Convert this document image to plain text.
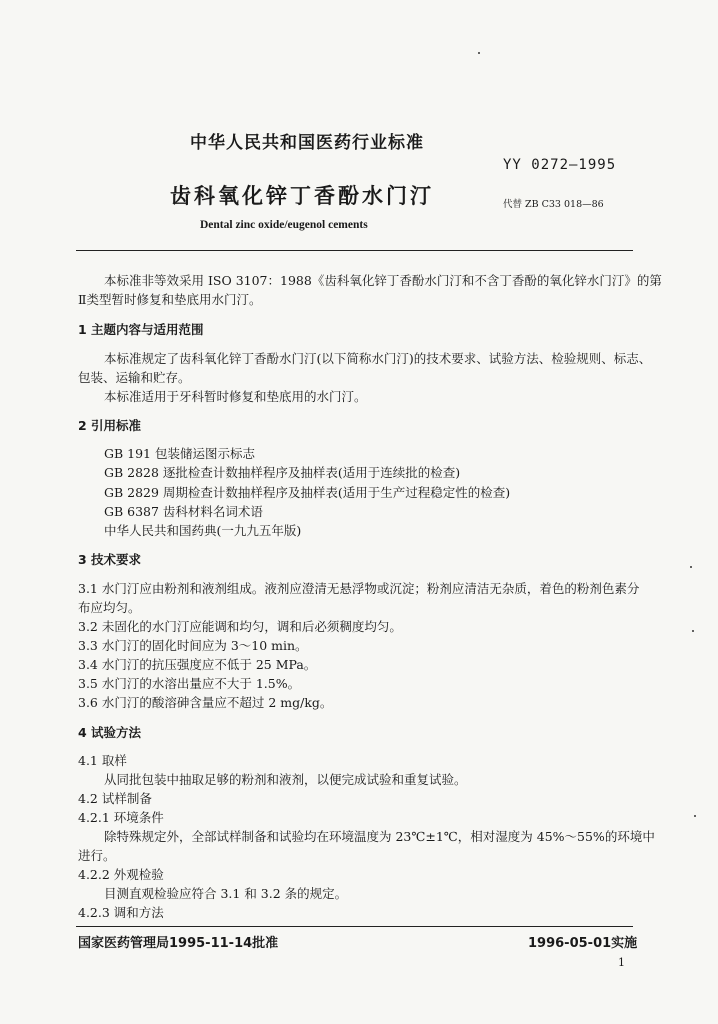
中华人民共和国医药行业标准
YY 0272—1995
齿科氧化锌丁香酚水门汀	代替 ZB C33 018—86
Dental zinc oxide/eugenol cements
本标准非等效采用 ISO 3107：1988《齿科氧化锌丁香酚水门汀和不含丁香酚的氧化锌水门汀》的第
Ⅱ类型暂时修复和垫底用水门汀。
1 主题内容与适用范围
本标准规定了齿科氧化锌丁香酚水门汀(以下简称水门汀)的技术要求、试验方法、检验规则、标志、
包装、运输和贮存。
本标准适用于牙科暂时修复和垫底用的水门汀。
2 引用标准
GB 191 包装储运图示标志
GB 2828 逐批检查计数抽样程序及抽样表(适用于连续批的检查)
GB 2829 周期检查计数抽样程序及抽样表(适用于生产过程稳定性的检查)
GB 6387 齿科材料名词术语
中华人民共和国药典(一九九五年版)
3 技术要求
3.1 水门汀应由粉剂和液剂组成。液剂应澄清无悬浮物或沉淀；粉剂应清洁无杂质，着色的粉剂色素分
布应均匀。
3.2 未固化的水门汀应能调和均匀，调和后必须稠度均匀。
3.3 水门汀的固化时间应为 3～10 min。
3.4 水门汀的抗压强度应不低于 25 MPa。
3.5 水门汀的水溶出量应不大于 1.5%。
3.6 水门汀的酸溶砷含量应不超过 2 mg/kg。
4 试验方法
4.1 取样
从同批包装中抽取足够的粉剂和液剂，以便完成试验和重复试验。
4.2 试样制备
4.2.1 环境条件
除特殊规定外，全部试样制备和试验均在环境温度为 23℃±1℃，相对湿度为 45%～55%的环境中
进行。
4.2.2 外观检验
目测直观检验应符合 3.1 和 3.2 条的规定。
4.2.3 调和方法
国家医药管理局1995-11-14批准	1996-05-01实施
1
